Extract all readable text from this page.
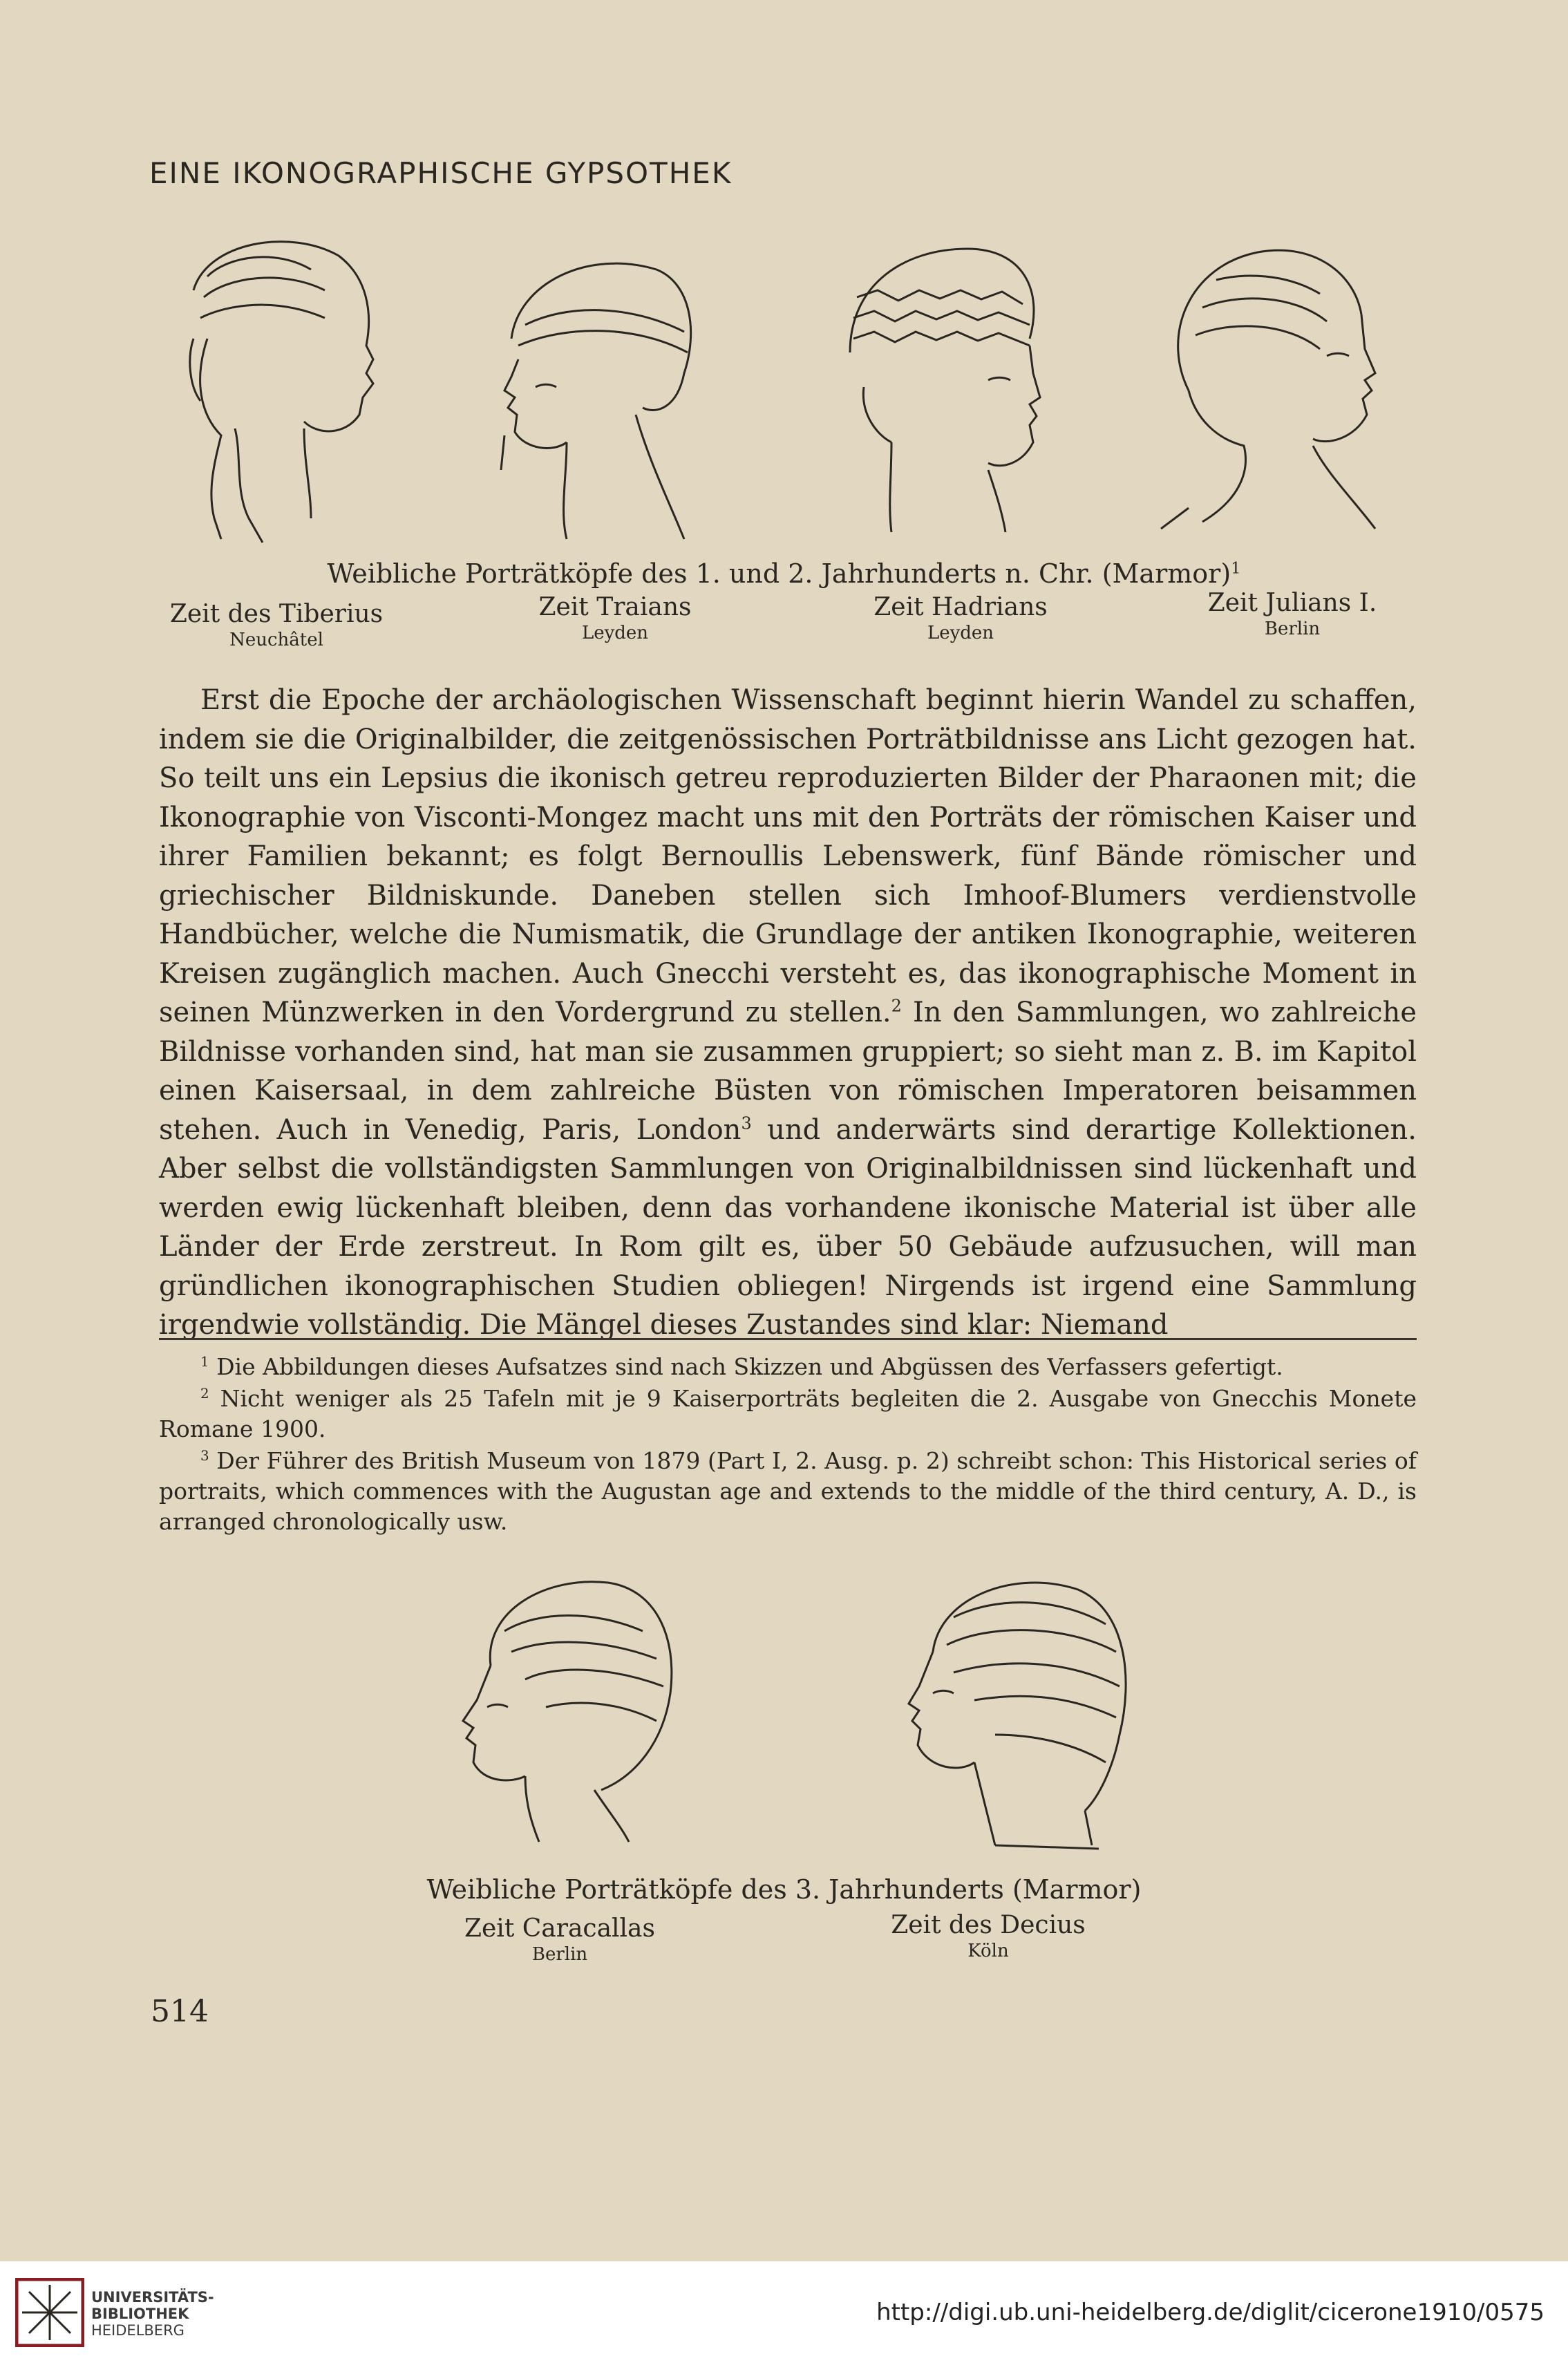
EINE IKONOGRAPHISCHE GYPSOTHEK
Weibliche Porträtköpfe des 1. und 2. Jahrhunderts n. Chr. (Marmor)$^1$
Zeit des Tiberius
Neuchâtel
Zeit Traians
Leyden
Zeit Hadrians
Leyden
Zeit Julians I.
Berlin

Erst die Epoche der archäologischen Wissenschaft beginnt hierin Wandel zu schaffen, indem sie die Originalbilder, die zeitgenössischen Porträtbildnisse ans Licht gezogen hat. So teilt uns ein Lepsius die ikonisch getreu reproduzierten Bilder der Pharaonen mit; die Ikonographie von Visconti-Mongez macht uns mit den Porträts der römischen Kaiser und ihrer Familien bekannt; es folgt Bernoullis Lebenswerk, fünf Bände römischer und griechischer Bildniskunde. Daneben stellen sich Imhoof-Blumers verdienstvolle Handbücher, welche die Numismatik, die Grundlage der antiken Ikonographie, weiteren Kreisen zugänglich machen. Auch Gnecchi versteht es, das ikonographische Moment in seinen Münzwerken in den Vordergrund zu stellen.$^2$ In den Sammlungen, wo zahlreiche Bildnisse vorhanden sind, hat man sie zusammen gruppiert; so sieht man z. B. im Kapitol einen Kaisersaal, in dem zahlreiche Büsten von römischen Imperatoren beisammen stehen. Auch in Venedig, Paris, London$^3$ und anderwärts sind derartige Kollektionen. Aber selbst die vollständigsten Sammlungen von Originalbildnissen sind lückenhaft und werden ewig lückenhaft bleiben, denn das vorhandene ikonische Material ist über alle Länder der Erde zerstreut. In Rom gilt es, über 50 Gebäude aufzusuchen, will man gründlichen ikonographischen Studien obliegen! Nirgends ist irgend eine Sammlung irgendwie vollständig. Die Mängel dieses Zustandes sind klar: Niemand

$^1$ Die Abbildungen dieses Aufsatzes sind nach Skizzen und Abgüssen des Verfassers gefertigt.

$^2$ Nicht weniger als 25 Tafeln mit je 9 Kaiserporträts begleiten die 2. Ausgabe von Gnecchis Monete Romane 1900.

$^3$ Der Führer des British Museum von 1879 (Part I, 2. Ausg. p. 2) schreibt schon: This Historical series of portraits, which commences with the Augustan age and extends to the middle of the third century, A. D., is arranged chronologically usw.

Weibliche Porträtköpfe des 3. Jahrhunderts (Marmor)
Zeit Caracallas
Berlin
Zeit des Decius
Köln
514
UNIVERSITÄTS-
BIBLIOTHEK
HEIDELBERG
http://digi.ub.uni-heidelberg.de/diglit/cicerone1910/0575
